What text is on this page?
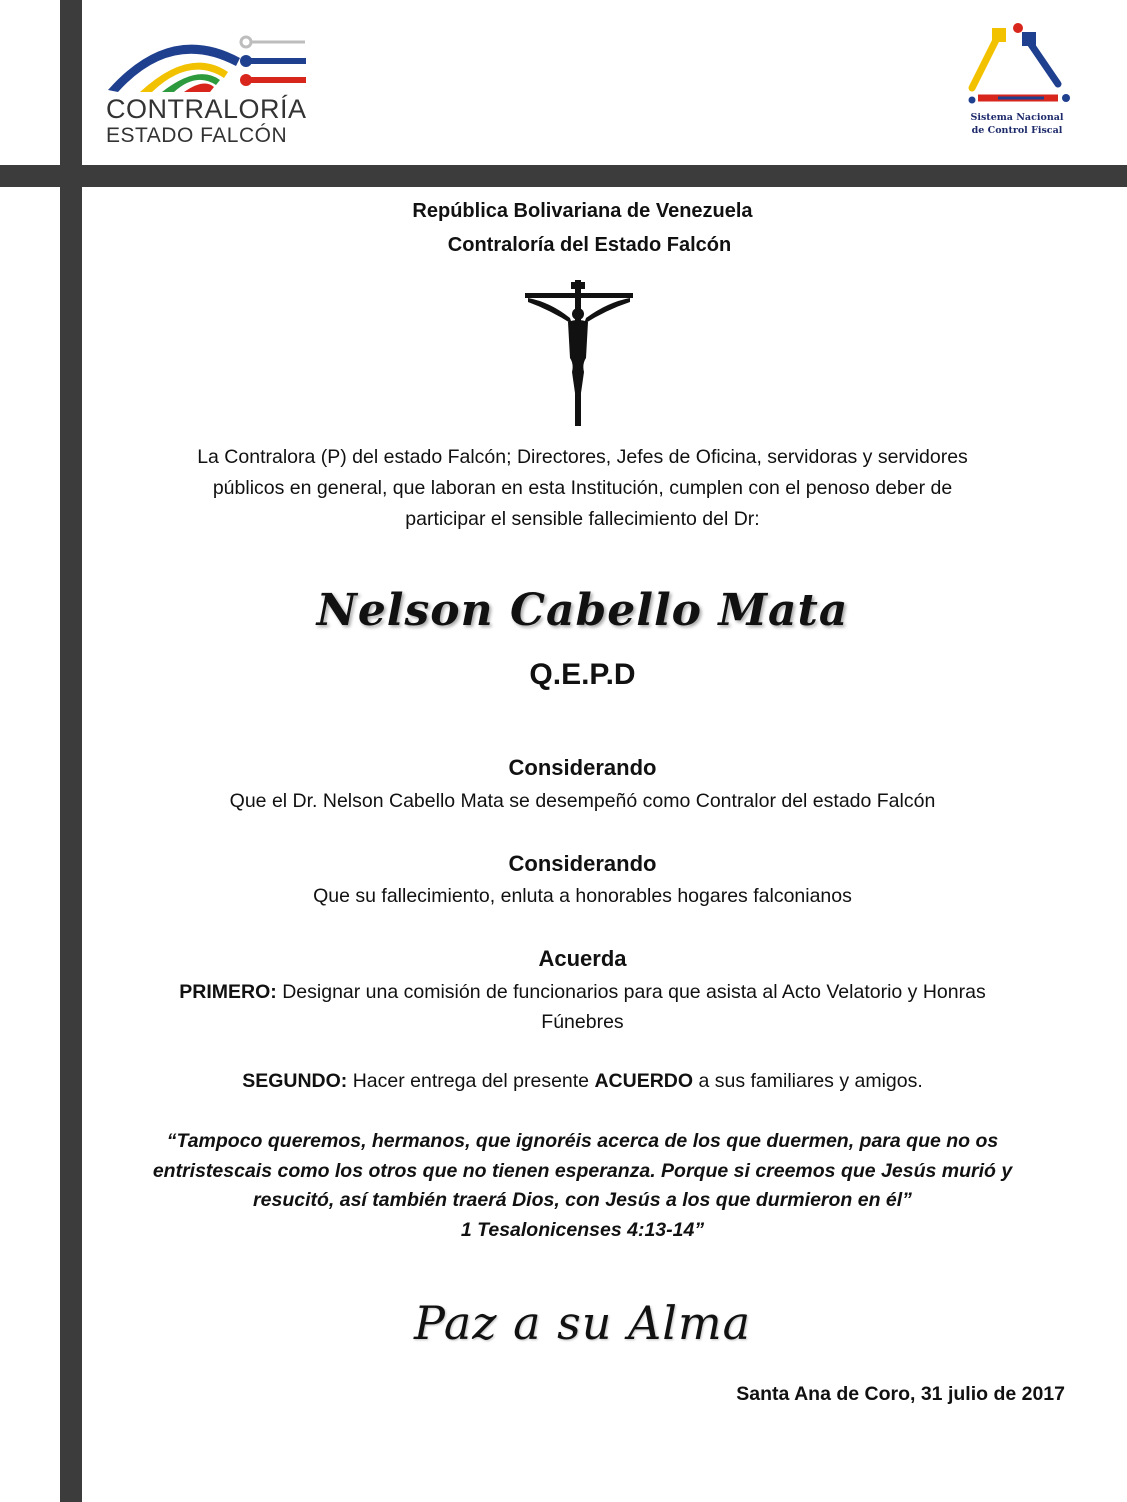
CONTRALORÍA
ESTADO FALCÓN
Sistema Nacional
de Control Fiscal
República Bolivariana de Venezuela
Contraloría del Estado Falcón
La Contralora (P) del estado Falcón; Directores, Jefes de Oficina, servidoras y servidores
públicos en general, que laboran en esta Institución, cumplen con el penoso deber de
participar el sensible fallecimiento del Dr:
Nelson Cabello Mata
Q.E.P.D
Considerando
Que el Dr. Nelson Cabello Mata se desempeñó como Contralor del estado Falcón
Considerando
Que su fallecimiento, enluta a honorables hogares falconianos
Acuerda
PRIMERO: Designar una comisión de funcionarios para que asista al Acto Velatorio y Honras
Fúnebres
SEGUNDO: Hacer entrega del presente ACUERDO a sus familiares y amigos.
“Tampoco queremos, hermanos, que ignoréis acerca de los que duermen, para que no os
entristescais como los otros que no tienen esperanza. Porque si creemos que Jesús murió y
resucitó, así también traerá Dios, con Jesús a los que durmieron en él”
1 Tesalonicenses 4:13-14”
Paz a su Alma
Santa Ana de Coro, 31 julio de 2017
